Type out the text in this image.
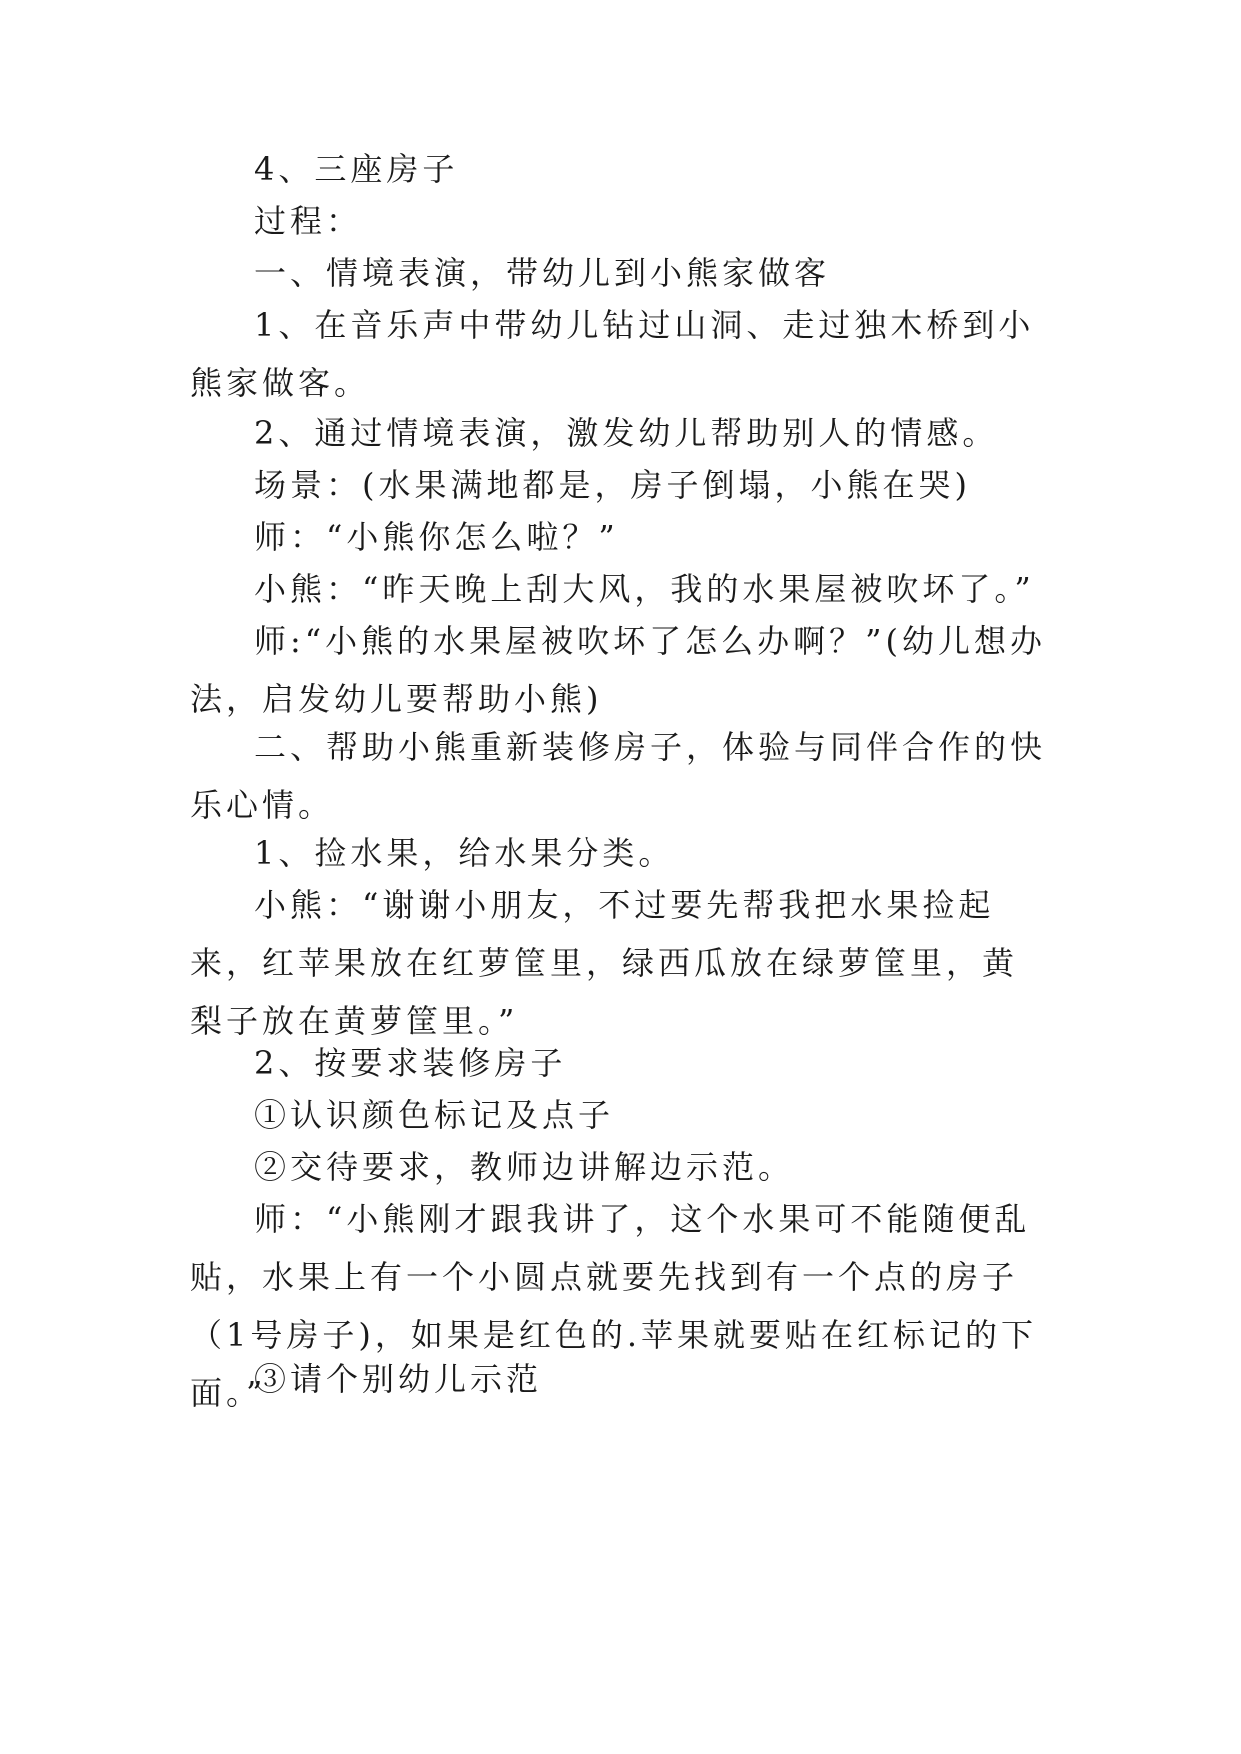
4、三座房子

过程：

一、情境表演，带幼儿到小熊家做客

1、在音乐声中带幼儿钻过山洞、走过独木桥到小熊家做客。

2、通过情境表演，激发幼儿帮助别人的情感。

场景：(水果满地都是，房子倒塌，小熊在哭)

师：“小熊你怎么啦？”

小熊：“昨天晚上刮大风，我的水果屋被吹坏了。”

师:“小熊的水果屋被吹坏了怎么办啊？”(幼儿想办法，启发幼儿要帮助小熊)

二、帮助小熊重新装修房子，体验与同伴合作的快乐心情。

1、捡水果，给水果分类。

小熊：“谢谢小朋友，不过要先帮我把水果捡起来，红苹果放在红萝筐里，绿西瓜放在绿萝筐里，黄梨子放在黄萝筐里。”

2、按要求装修房子

①认识颜色标记及点子

②交待要求，教师边讲解边示范。

师：“小熊刚才跟我讲了，这个水果可不能随便乱贴，水果上有一个小圆点就要先找到有一个点的房子（1号房子)，如果是红色的.苹果就要贴在红标记的下面。”

③请个别幼儿示范
